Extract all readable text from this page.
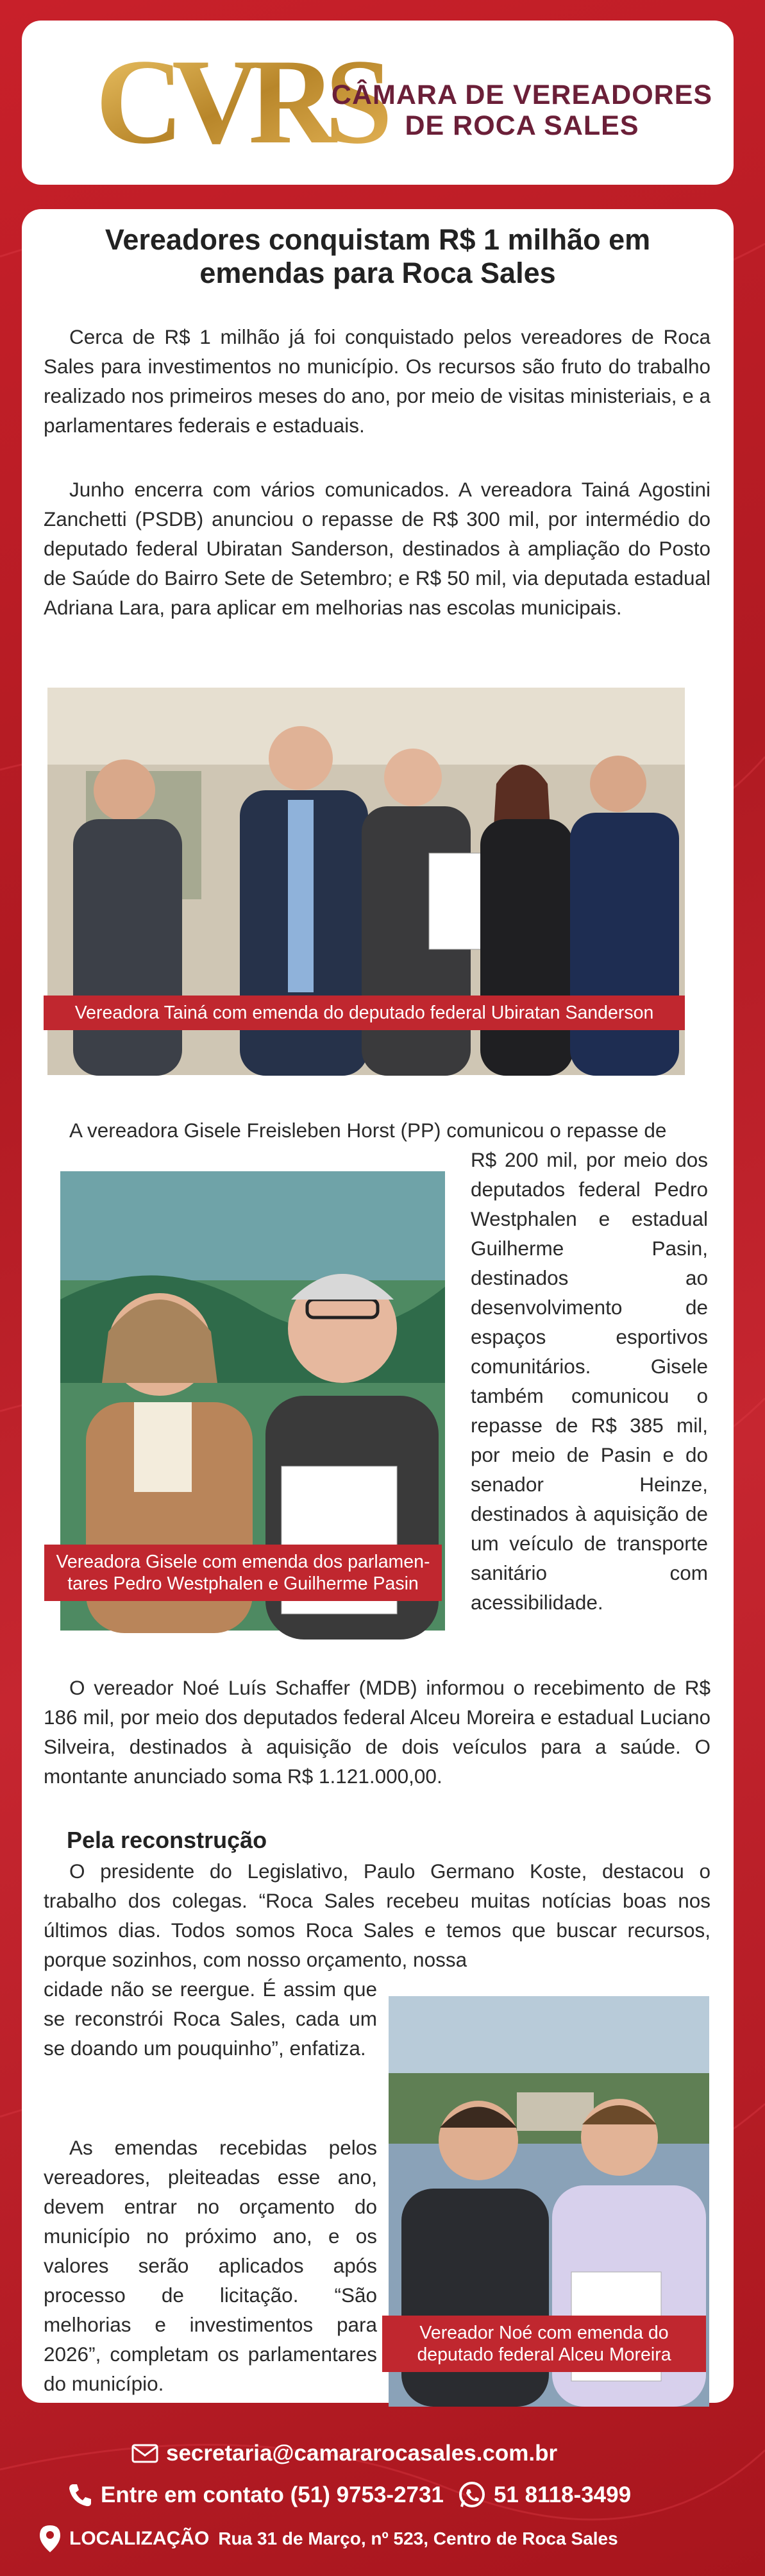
CVRS
CÂMARA DE VEREADORES
DE ROCA SALES
Vereadores conquistam R$ 1 milhão em
emendas para Roca Sales

Cerca de R$ 1 milhão já foi conquistado pelos vereadores de Roca Sales para investimentos no município. Os recursos são fruto do trabalho realizado nos primeiros meses do ano, por meio de visitas ministeriais, e a parlamentares federais e estaduais.

Junho encerra com vários comunicados. A vereadora Tainá Agostini Zanchetti (PSDB) anunciou o repasse de R$ 300 mil, por intermédio do deputado federal Ubiratan Sanderson, destinados à ampliação do Posto de Saúde do Bairro Sete de Setembro; e R$ 50 mil, via deputada estadual Adriana Lara, para aplicar em melhorias nas escolas municipais.

Vereadora Tainá com emenda do deputado federal Ubiratan Sanderson

A vereadora Gisele Freisleben Horst (PP) comunicou o repasse de

Vereadora Gisele com emenda dos parlamen-
tares Pedro Westphalen e Guilherme Pasin

R$ 200 mil, por meio dos deputados federal Pedro Westphalen e estadual Guilherme Pasin, destinados ao desenvolvimento de espaços esportivos comunitários. Gisele também comunicou o repasse de R$ 385 mil, por meio de Pasin e do senador Heinze, destinados à aquisição de um veículo de transporte sanitário com acessibilidade.

O vereador Noé Luís Schaffer (MDB) informou o recebimento de R$ 186 mil, por meio dos deputados federal Alceu Moreira e estadual Luciano Silveira, destinados à aquisição de dois veículos para a saúde. O montante anunciado soma R$ 1.121.000,00.

Pela reconstrução

O presidente do Legislativo, Paulo Germano Koste, destacou o trabalho dos colegas. “Roca Sales recebeu muitas notícias boas nos últimos dias. Todos somos Roca Sales e temos que buscar recursos, porque sozinhos, com nosso orçamento, nossa

cidade não se reergue. É assim que se reconstrói Roca Sales, cada um se doando um pouquinho”, enfatiza.

As emendas recebidas pelos vereadores, pleiteadas esse ano, devem entrar no orçamento do município no próximo ano, e os valores serão aplicados após processo de licitação. “São melhorias e investimentos para 2026”, completam os parlamentares do município.

Vereador Noé com emenda do
deputado federal Alceu Moreira
secretaria@camararocasales.com.br
Entre em contato (51) 9753-2731 51 8118-3499
LOCALIZAÇÃO Rua 31 de Março, nº 523, Centro de Roca Sales
